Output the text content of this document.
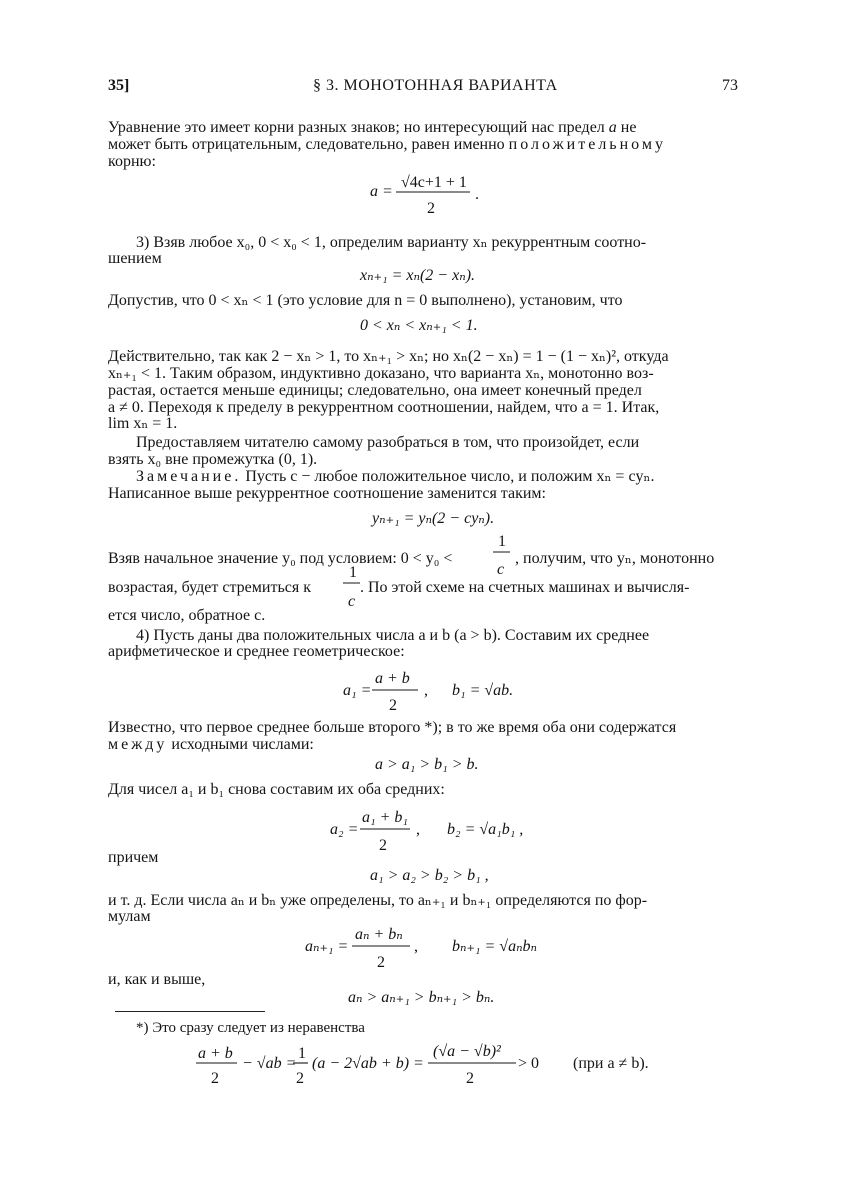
35]	§ 3. МОНОТОННАЯ ВАРИАНТА	73
Уравнение это имеет корни разных знаков; но интересующий нас предел a не
может быть отрицательным, следовательно, равен именно положительному
корню:
a =
√4c+1 + 1
2
.
3) Взяв любое x₀, 0 < x₀ < 1, определим варианту xₙ рекуррентным соотно-
шением
xₙ₊₁ = xₙ(2 − xₙ).
Допустив, что 0 < xₙ < 1 (это условие для n = 0 выполнено), установим, что
0 < xₙ < xₙ₊₁ < 1.
Действительно, так как 2 − xₙ > 1, то xₙ₊₁ > xₙ; но xₙ(2 − xₙ) = 1 − (1 − xₙ)², откуда
xₙ₊₁ < 1. Таким образом, индуктивно доказано, что варианта xₙ, монотонно воз-
растая, остается меньше единицы; следовательно, она имеет конечный предел
a ≠ 0. Переходя к пределу в рекуррентном соотношении, найдем, что a = 1. Итак,
lim xₙ = 1.
Предоставляем читателю самому разобраться в том, что произойдет, если
взять x₀ вне промежутка (0, 1).
Замечание. Пусть c − любое положительное число, и положим xₙ = cyₙ.
Написанное выше рекуррентное соотношение заменится таким:
yₙ₊₁ = yₙ(2 − cyₙ).
Взяв начальное значение y₀ под условием: 0 < y₀ <	, получим, что yₙ, монотонно
возрастая, будет стремиться к	. По этой схеме на счетных машинах и вычисля-
ется число, обратное c.
1
c
1
c
4) Пусть даны два положительных числа a и b (a > b). Составим их среднее
арифметическое и среднее геометрическое:
a₁ =
a + b
2
, b₁ = √ab.
Известно, что первое среднее больше второго *); в то же время оба они содержатся
между исходными числами:
a > a₁ > b₁ > b.
Для чисел a₁ и b₁ снова составим их оба средних:
a₂ =
a₁ + b₁
2
, b₂ = √a₁b₁ ,
причем
a₁ > a₂ > b₂ > b₁ ,
и т. д. Если числа aₙ и bₙ уже определены, то aₙ₊₁ и bₙ₊₁ определяются по фор-
мулам
aₙ₊₁ =
aₙ + bₙ
2
, bₙ₊₁ = √aₙbₙ
и, как и выше,
aₙ > aₙ₊₁ > bₙ₊₁ > bₙ.
*) Это сразу следует из неравенства
a + b
2
− √ab =
1
2
(a − 2√ab + b) =
(√a − √b)²
2
> 0 (при a ≠ b).
